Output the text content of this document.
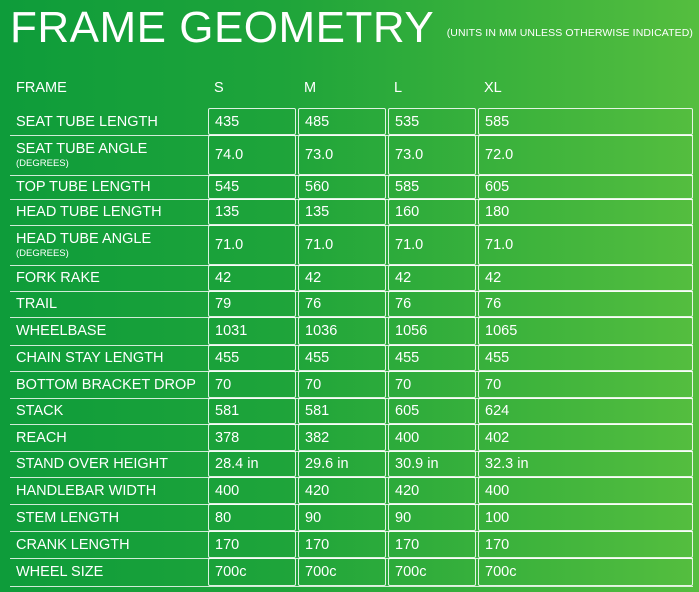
FRAME GEOMETRY (UNITS IN MM UNLESS OTHERWISE INDICATED)
FRAME	S	M	L	XL
SEAT TUBE LENGTH	435	485	535	585
SEAT TUBE ANGLE
(DEGREES)
74.0	73.0	73.0	72.0
TOP TUBE LENGTH	545	560	585	605
HEAD TUBE LENGTH	135	135	160	180
HEAD TUBE ANGLE
(DEGREES)
71.0	71.0	71.0	71.0
FORK RAKE	42	42	42	42
TRAIL	79	76	76	76
WHEELBASE	1031	1036	1056	1065
CHAIN STAY LENGTH	455	455	455	455
BOTTOM BRACKET DROP	70	70	70	70
STACK	581	581	605	624
REACH	378	382	400	402
STAND OVER HEIGHT	28.4 in	29.6 in	30.9 in	32.3 in
HANDLEBAR WIDTH	400	420	420	400
STEM LENGTH	80	90	90	100
CRANK LENGTH	170	170	170	170
WHEEL SIZE	700c	700c	700c	700c
